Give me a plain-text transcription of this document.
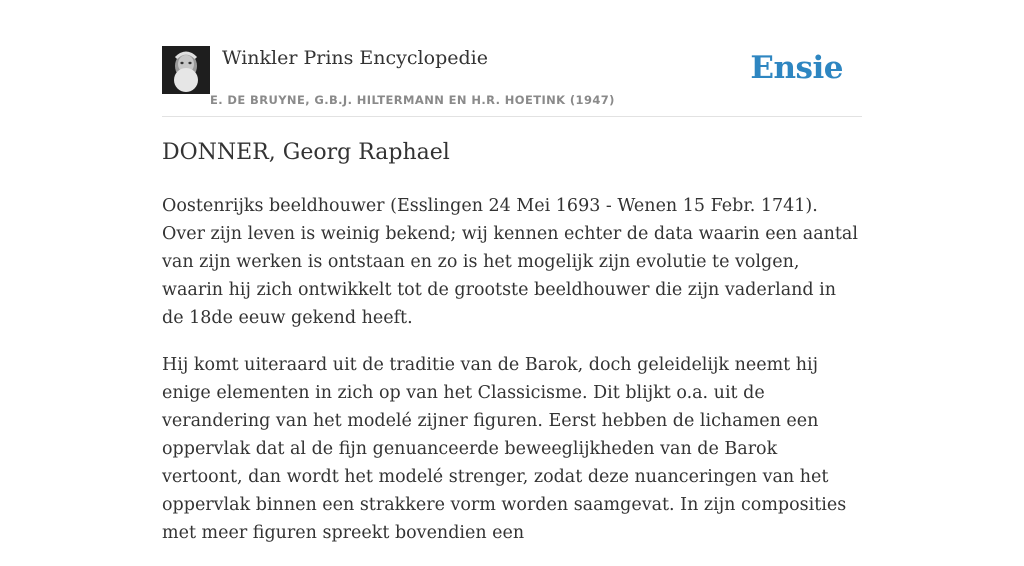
Winkler Prins Encyclopedie
E. DE BRUYNE, G.B.J. HILTERMANN EN H.R. HOETINK (1947)
Ensie
DONNER, Georg Raphael

Oostenrijks beeldhouwer (Esslingen 24 Mei 1693 - Wenen 15 Febr. 1741). Over zijn leven is weinig bekend; wij kennen echter de data waarin een aantal van zijn werken is ontstaan en zo is het mogelijk zijn evolutie te volgen, waarin hij zich ontwikkelt tot de grootste beeldhouwer die zijn vaderland in de 18de eeuw gekend heeft.

Hij komt uiteraard uit de traditie van de Barok, doch geleidelijk neemt hij enige elementen in zich op van het Classicisme. Dit blijkt o.a. uit de verandering van het modelé zijner figuren. Eerst hebben de lichamen een oppervlak dat al de fijn genuanceerde beweeglijkheden van de Barok vertoont, dan wordt het modelé strenger, zodat deze nuanceringen van het oppervlak binnen een strakkere vorm worden saamgevat. In zijn composities met meer figuren spreekt bovendien een
